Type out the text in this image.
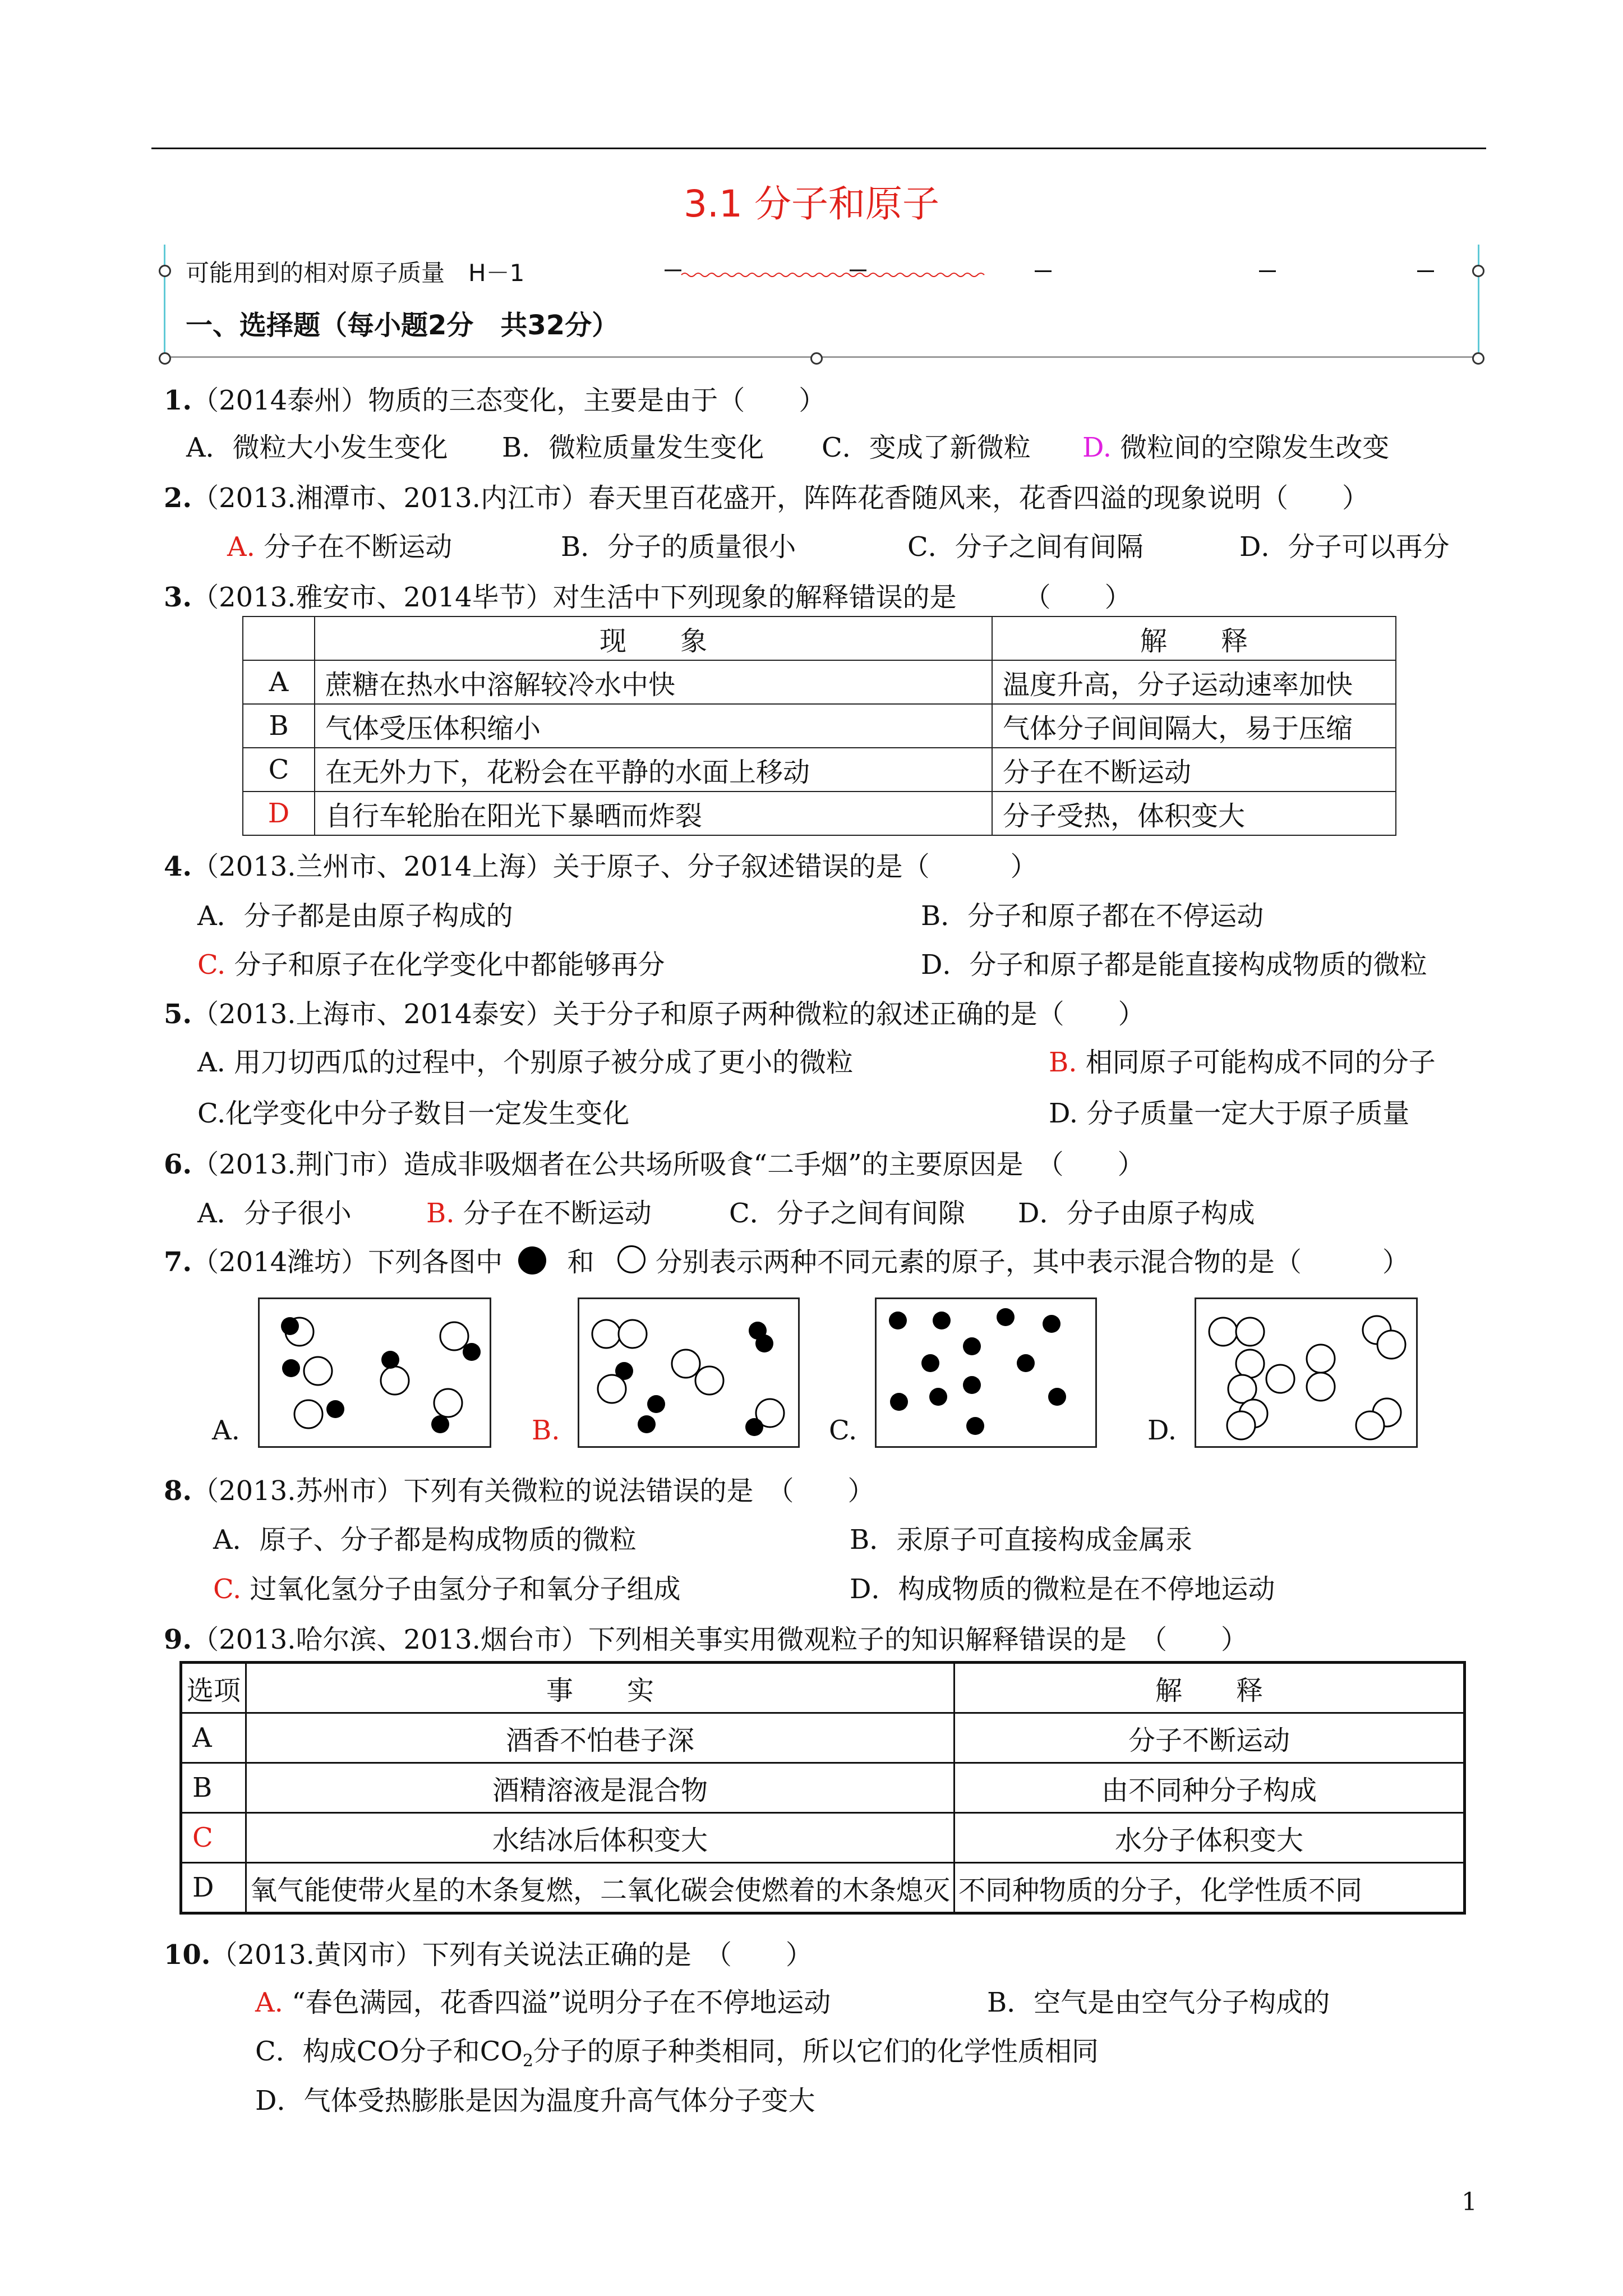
3.1 分子和原子
可能用到的相对原子质量　H－1
一、选择题（每小题2分　共32分）
1.（2014泰州）物质的三态变化，主要是由于（　　）
A．微粒大小发生变化 B．微粒质量发生变化 C．变成了新微粒 D. 微粒间的空隙发生改变
2.（2013.湘潭市、2013.内江市）春天里百花盛开，阵阵花香随风来，花香四溢的现象说明（　　）
A. 分子在不断运动	B．分子的质量很小	C．分子之间有间隔	D．分子可以再分
3.（2013.雅安市、2014毕节）对生活中下列现象的解释错误的是　　　（　　）
	现　　象	解　　释
A	蔗糖在热水中溶解较冷水中快	温度升高，分子运动速率加快
B	气体受压体积缩小	气体分子间间隔大，易于压缩
C	在无外力下，花粉会在平静的水面上移动	分子在不断运动
D	自行车轮胎在阳光下暴晒而炸裂	分子受热，体积变大
4.（2013.兰州市、2014上海）关于原子、分子叙述错误的是（　　　）
A．分子都是由原子构成的	B．分子和原子都在不停运动
C. 分子和原子在化学变化中都能够再分	D．分子和原子都是能直接构成物质的微粒
5.（2013.上海市、2014泰安）关于分子和原子两种微粒的叙述正确的是（　　）
A. 用刀切西瓜的过程中，个别原子被分成了更小的微粒	B. 相同原子可能构成不同的分子
C.化学变化中分子数目一定发生变化	D. 分子质量一定大于原子质量
6.（2013.荆门市）造成非吸烟者在公共场所吸食“二手烟”的主要原因是　（　　）
A．分子很小	B. 分子在不断运动	C．分子之间有间隙 D．分子由原子构成
7.（2014潍坊）下列各图中 和 分别表示两种不同元素的原子，其中表示混合物的是（　　　）
A.	B.	C.	D.
8.（2013.苏州市）下列有关微粒的说法错误的是　（　　）
A．原子、分子都是构成物质的微粒	B．汞原子可直接构成金属汞
C. 过氧化氢分子由氢分子和氧分子组成	D．构成物质的微粒是在不停地运动
9.（2013.哈尔滨、2013.烟台市）下列相关事实用微观粒子的知识解释错误的是　（　　）
选项	事　　实	解　　释
A	酒香不怕巷子深	分子不断运动
B	酒精溶液是混合物	由不同种分子构成
C	水结冰后体积变大	水分子体积变大
D	氧气能使带火星的木条复燃，二氧化碳会使燃着的木条熄灭	不同种物质的分子，化学性质不同
10.（2013.黄冈市）下列有关说法正确的是　（　　）
A. “春色满园，花香四溢”说明分子在不停地运动	B．空气是由空气分子构成的
C．构成CO分子和$CO_2$分子的原子种类相同，所以它们的化学性质相同
D．气体受热膨胀是因为温度升高气体分子变大
1
